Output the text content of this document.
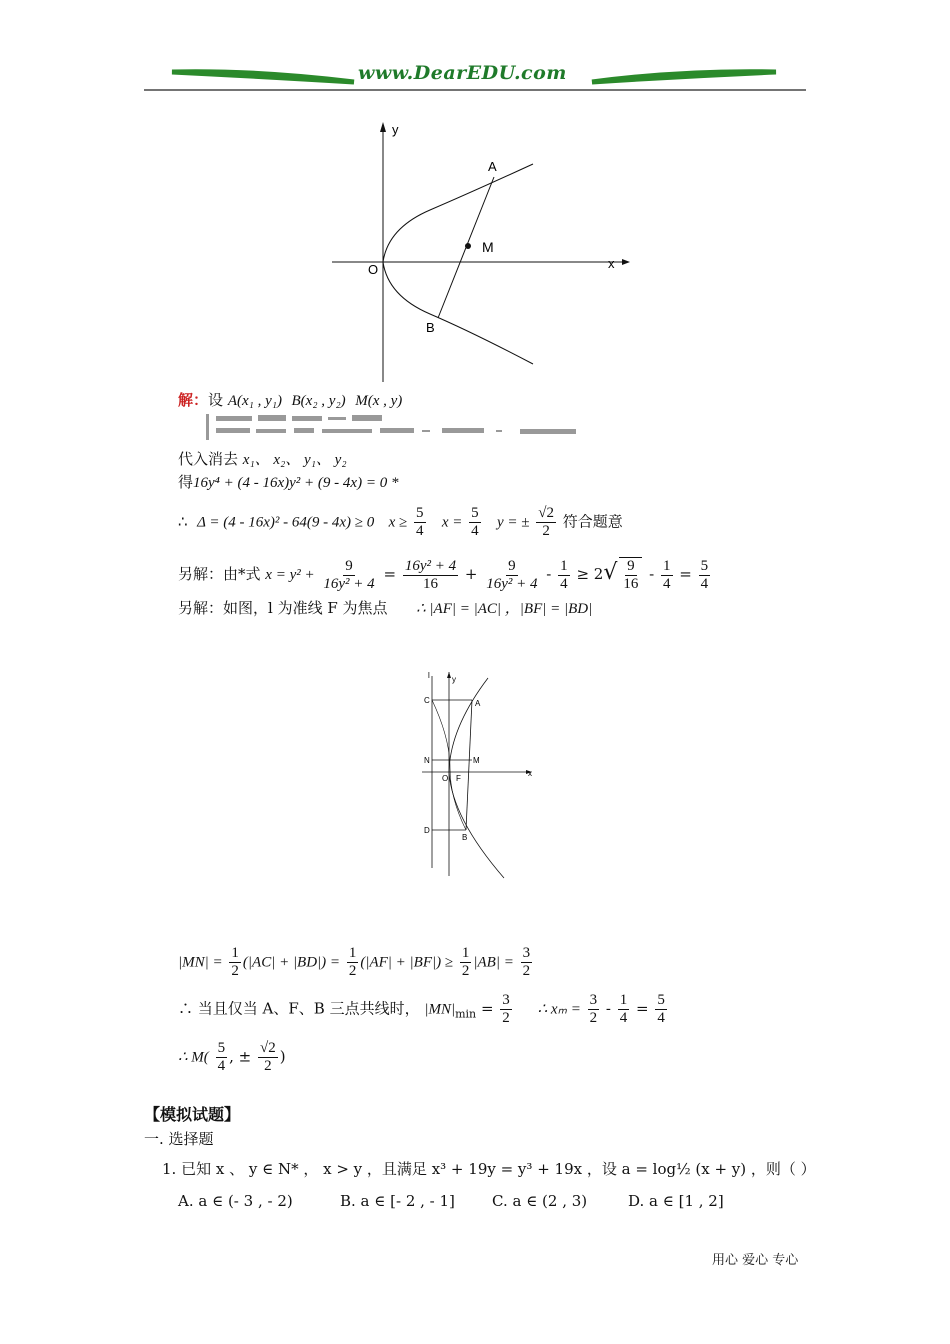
www.DearEDU.com
y
x
O
A
B
M
解：设 A(x₁ , y₁) B(x₂ , y₂) M(x , y)
代入消去 x₁、 x₂、 y₁、 y₂
得16y⁴ + (4 - 16x)y² + (9 - 4x) = 0 *
∴ Δ = (4 - 16x)² - 64(9 - 4x) ≥ 0 $x \ge \frac{5}{4}$ $x = \frac{5}{4}$ y = ± $\frac{√2}{2}$ 符合题意
另解：由*式 $x = y^2 + \frac{9}{\text{16y² + 4}} = \frac{\text{16y² + 4}}{16} + \frac{9}{\text{16y² + 4}} - \frac{1}{4} \ge 2√ \frac{9}{16} - \frac{1}{4} = \frac{5}{4}$
另解：如图，l 为准线 F 为焦点 ∴ |AF| = |AC| ，|BF| = |BD|
l	y
x
C	A
N	M
O F
D
B
$|MN| = \frac{1}{2} (|AC| + |BD|) = \frac{1}{2} (|AF| + |BF|) \ge \frac{1}{2} |AB| = \frac{3}{2}$
∴ 当且仅当 A、F、B 三点共线时， $|MN|_{min} = \frac{3}{2}$ ∴ $x_m = \frac{3}{2} - \frac{1}{4} = \frac{5}{4}$
∴ $M( \frac{5}{4}$ , ± $\frac{√2}{2}$ )
【模拟试题】
一. 选择题
1. 已知 x 、 y ∈ N* ， x > y ，且满足 x³ + 19y = y³ + 19x ，设 a = log½ (x + y) ，则（ ）
A. a ∈ (- 3 , - 2)	B. a ∈ [- 2 , - 1] C. a ∈ (2 , 3)	D. a ∈ [1 , 2]
用心 爱心 专心
